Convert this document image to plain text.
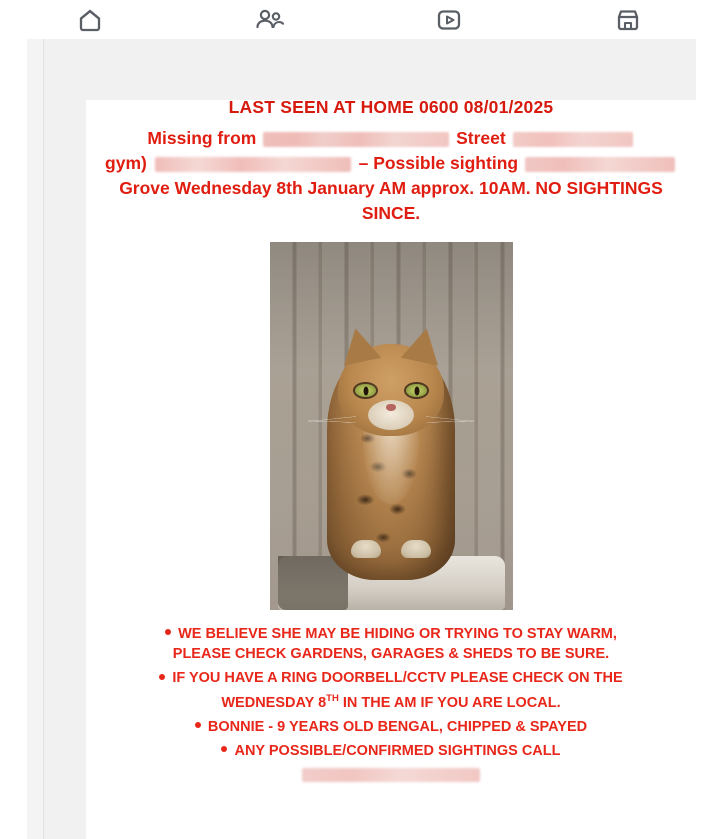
LAST SEEN AT HOME 0600 08/01/2025
Missing from	Street
gym)	– Possible sighting
Grove Wednesday 8th January AM approx. 10AM. NO SIGHTINGS
SINCE.
WE BELIEVE SHE MAY BE HIDING OR TRYING TO STAY WARM,
PLEASE CHECK GARDENS, GARAGES & SHEDS TO BE SURE.
IF YOU HAVE A RING DOORBELL/CCTV PLEASE CHECK ON THE
WEDNESDAY 8TH IN THE AM IF YOU ARE LOCAL.
BONNIE - 9 YEARS OLD BENGAL, CHIPPED & SPAYED
ANY POSSIBLE/CONFIRMED SIGHTINGS CALL
